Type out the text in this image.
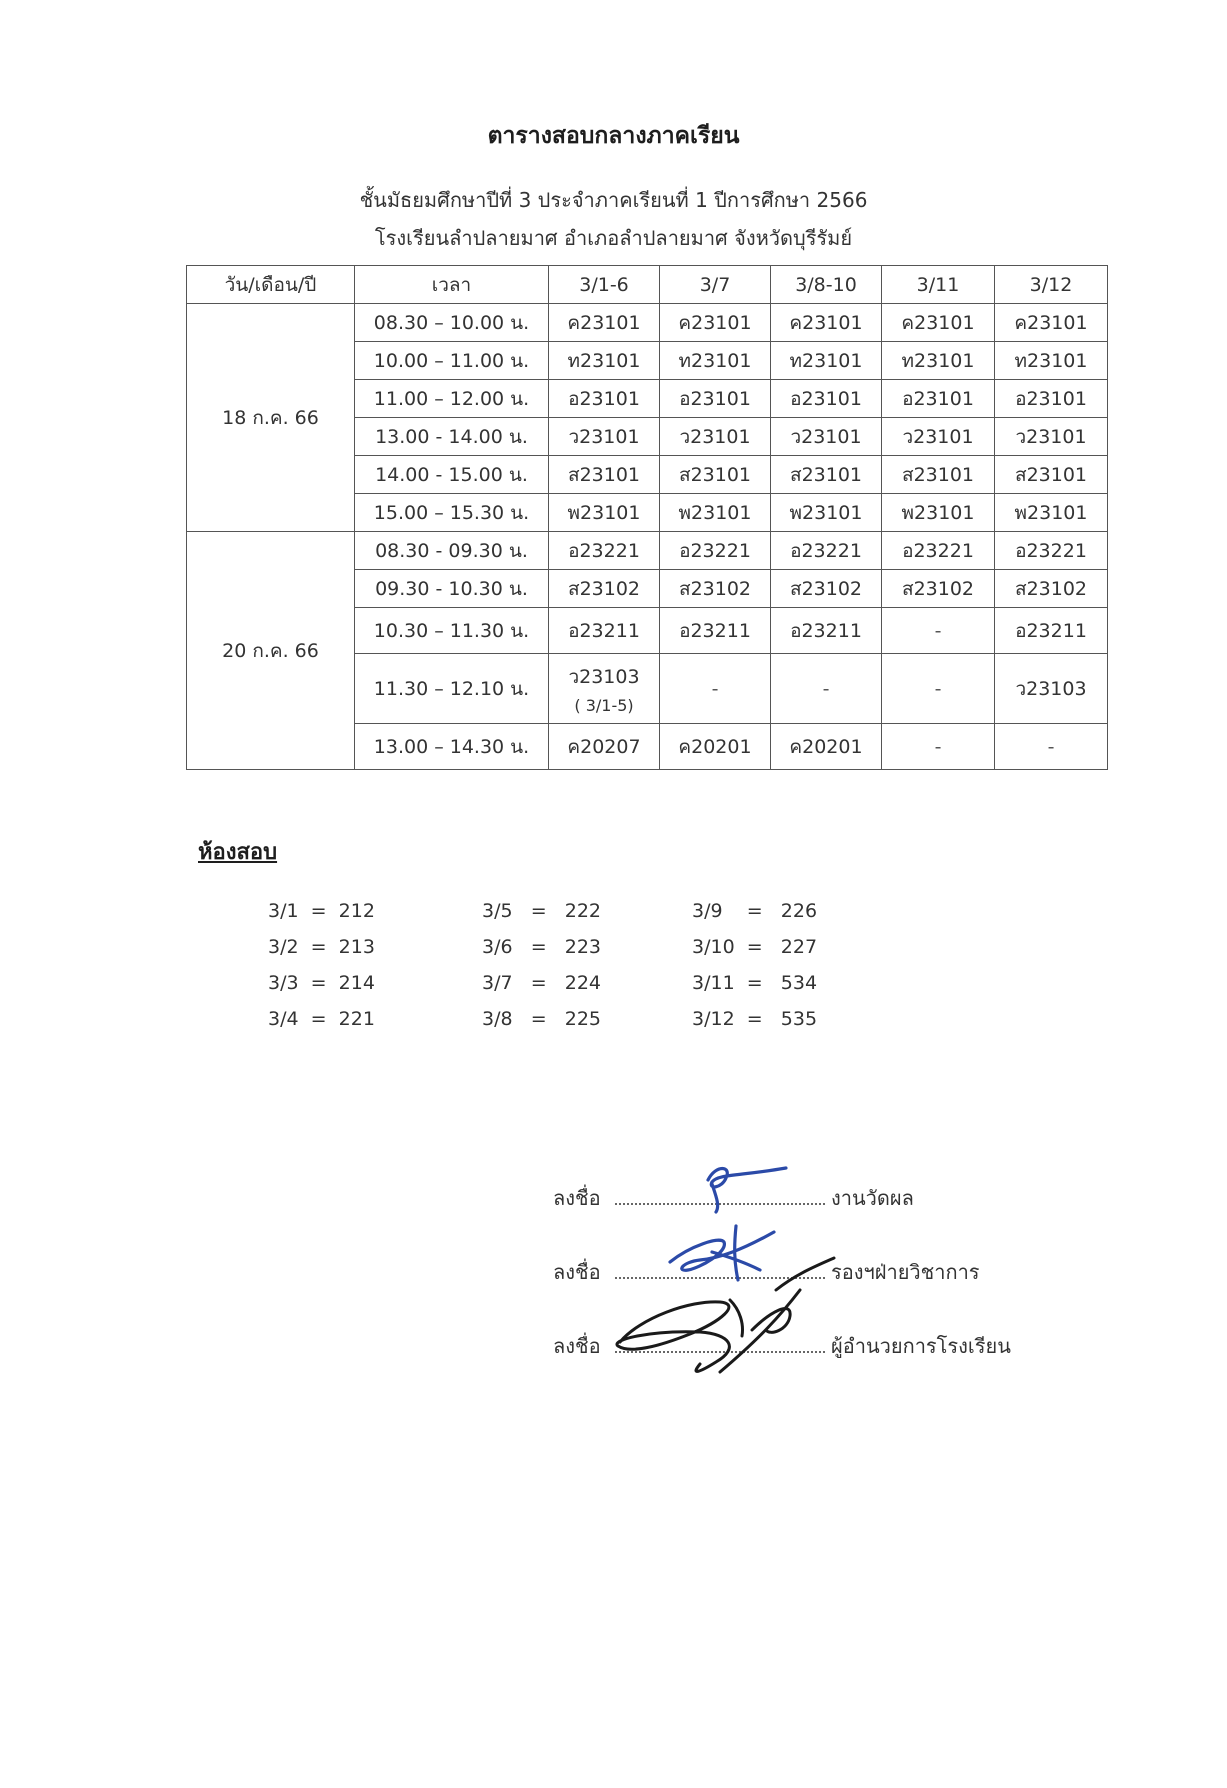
ตารางสอบกลางภาคเรียน
ชั้นมัธยมศึกษาปีที่ 3 ประจำภาคเรียนที่ 1 ปีการศึกษา 2566
โรงเรียนลำปลายมาศ อำเภอลำปลายมาศ จังหวัดบุรีรัมย์
วัน/เดือน/ปี	เวลา	3/1-6	3/7	3/8-10	3/11	3/12
18 ก.ค. 66	08.30 – 10.00 น.	ค23101	ค23101	ค23101	ค23101	ค23101
	10.00 – 11.00 น.	ท23101	ท23101	ท23101	ท23101	ท23101
	11.00 – 12.00 น.	อ23101	อ23101	อ23101	อ23101	อ23101
	13.00 - 14.00 น.	ว23101	ว23101	ว23101	ว23101	ว23101
	14.00 - 15.00 น.	ส23101	ส23101	ส23101	ส23101	ส23101
	15.00 – 15.30 น.	พ23101	พ23101	พ23101	พ23101	พ23101
20 ก.ค. 66	08.30 - 09.30 น.	อ23221	อ23221	อ23221	อ23221	อ23221
	09.30 - 10.30 น.	ส23102	ส23102	ส23102	ส23102	ส23102
	10.30 – 11.30 น.	อ23211	อ23211	อ23211	-	อ23211
	11.30 – 12.10 น.	ว23103
( 3/1-5)	-	-	-	ว23103
	13.00 – 14.30 น.	ค20207	ค20201	ค20201	-	-
ห้องสอบ
3/1  =  212
3/2  =  213
3/3  =  214
3/4  =  221
3/5   =   222
3/6   =   223
3/7   =   224
3/8   =   225
3/9    =   226
3/10  =   227
3/11  =   534
3/12  =   535
ลงชื่อ	งานวัดผล
ลงชื่อ	รองฯฝ่ายวิชาการ
ลงชื่อ	ผู้อำนวยการโรงเรียน
